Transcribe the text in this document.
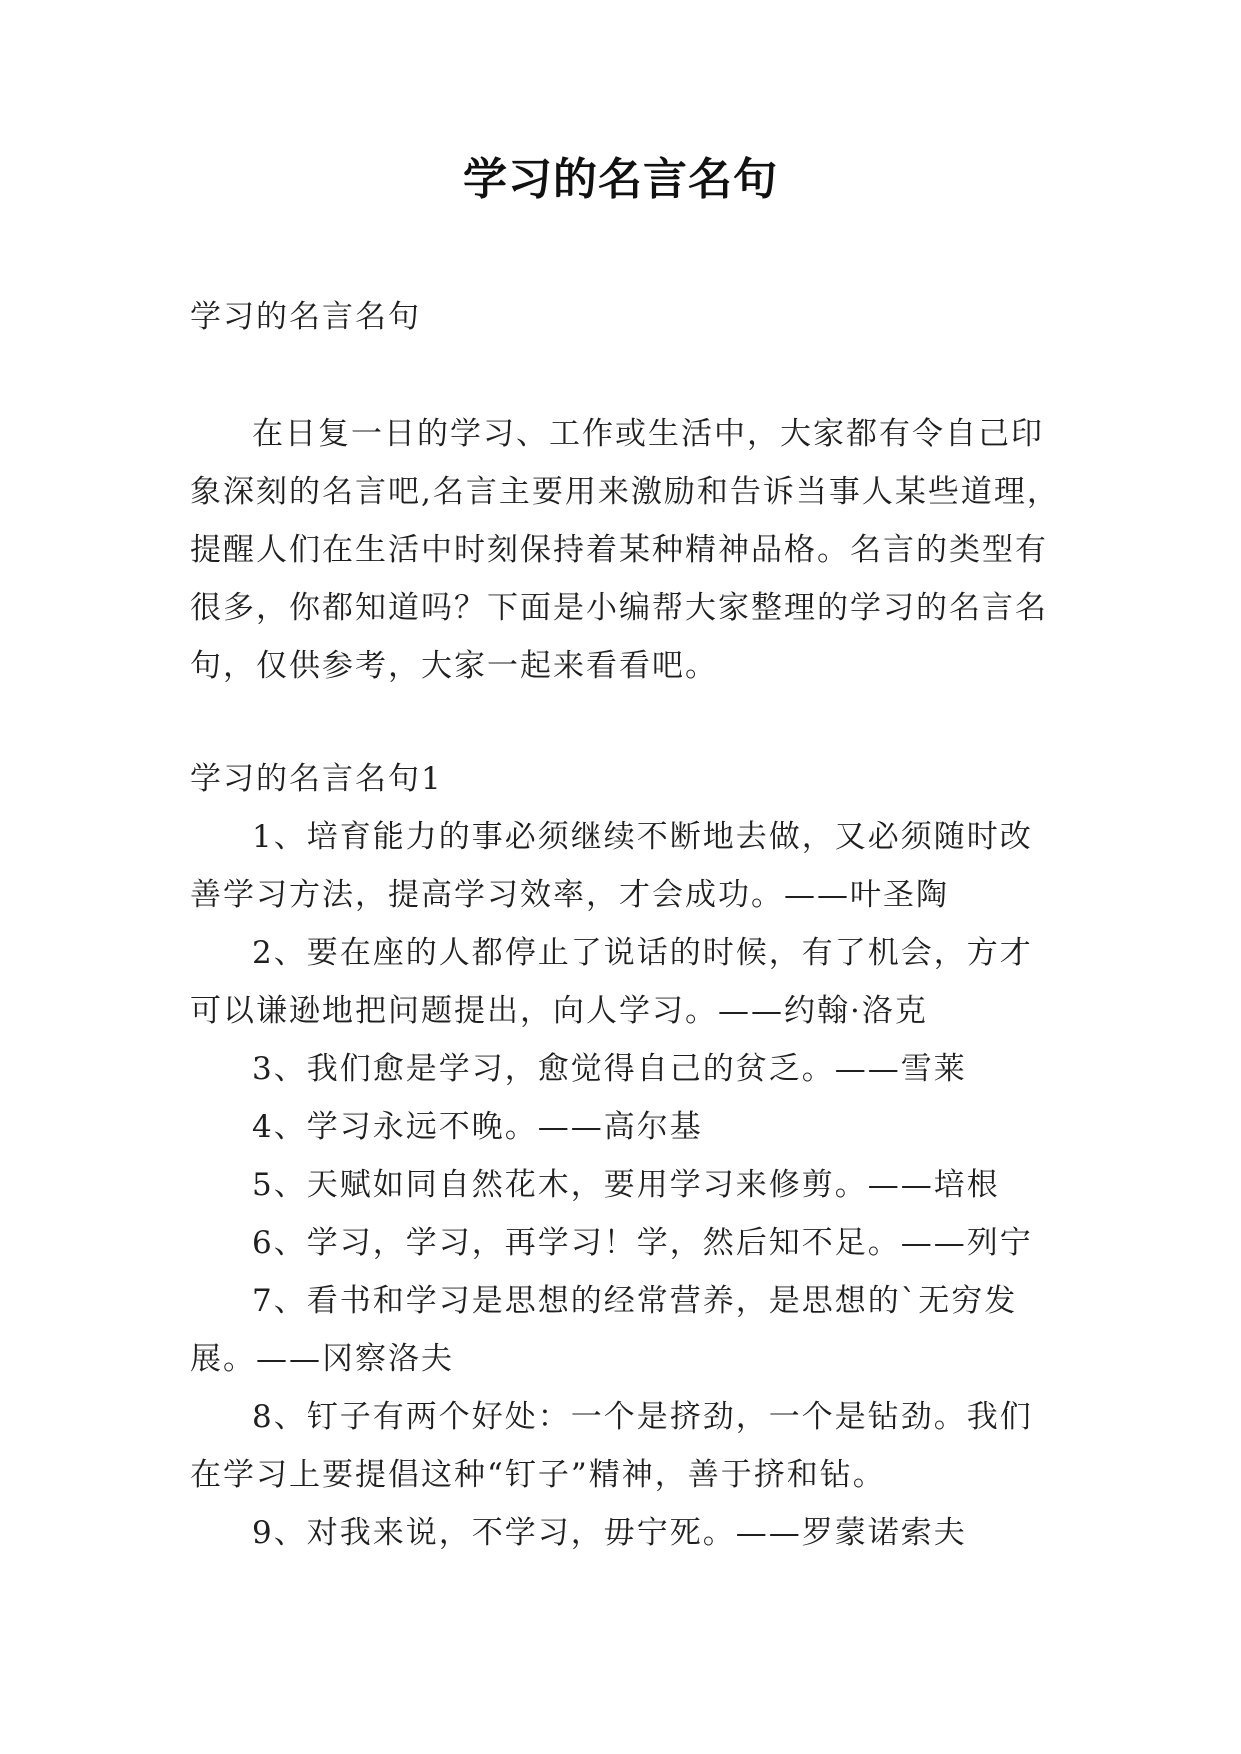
学习的名言名句
学习的名言名句

在日复一日的学习、工作或生活中，大家都有令自己印象深刻的名言吧,名言主要用来激励和告诉当事人某些道理，提醒人们在生活中时刻保持着某种精神品格。名言的类型有很多，你都知道吗？下面是小编帮大家整理的学习的名言名句，仅供参考，大家一起来看看吧。

学习的名言名句1

1、培育能力的事必须继续不断地去做，又必须随时改善学习方法，提高学习效率，才会成功。——叶圣陶

2、要在座的人都停止了说话的时候，有了机会，方才可以谦逊地把问题提出，向人学习。——约翰·洛克

3、我们愈是学习，愈觉得自己的贫乏。——雪莱

4、学习永远不晚。——高尔基

5、天赋如同自然花木，要用学习来修剪。——培根

6、学习，学习，再学习！学，然后知不足。——列宁

7、看书和学习是思想的经常营养，是思想的`无穷发展。——冈察洛夫

8、钉子有两个好处：一个是挤劲，一个是钻劲。我们在学习上要提倡这种“钉子”精神，善于挤和钻。

9、对我来说，不学习，毋宁死。——罗蒙诺索夫
